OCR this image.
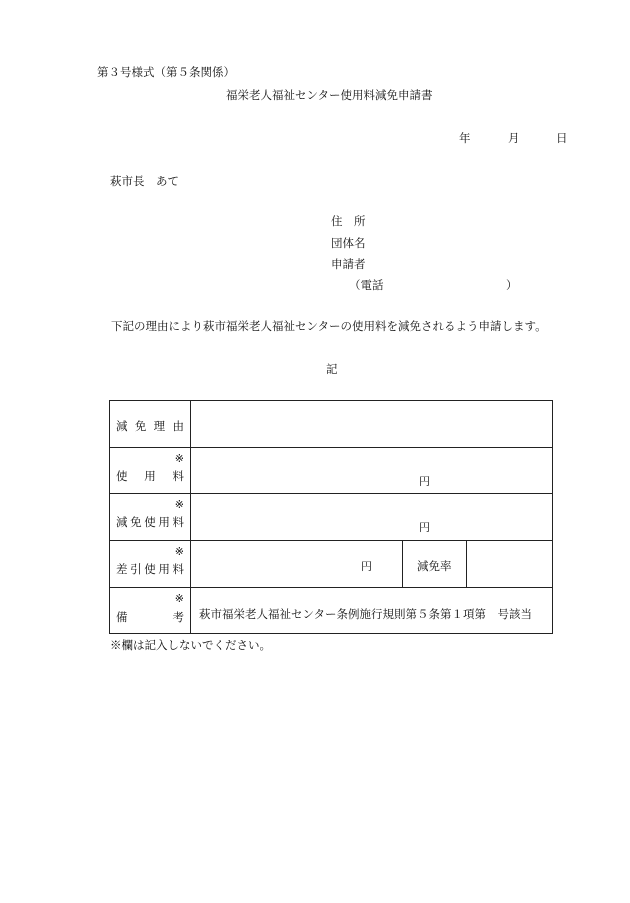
第３号様式（第５条関係）
福栄老人福祉センター使用料減免申請書
年	月	日
萩市長　あて
住　所
団体名
申請者
（電話	）
下記の理由により萩市福栄老人福祉センターの使用料を減免されるよう申請します。
記
減 免 理 由
※
使 用 料	円
※
減 免 使 用 料	円
※
差 引 使 用 料	円	減免率
※
備	考 萩市福栄老人福祉センター条例施行規則第５条第１項第　号該当
※欄は記入しないでください。
